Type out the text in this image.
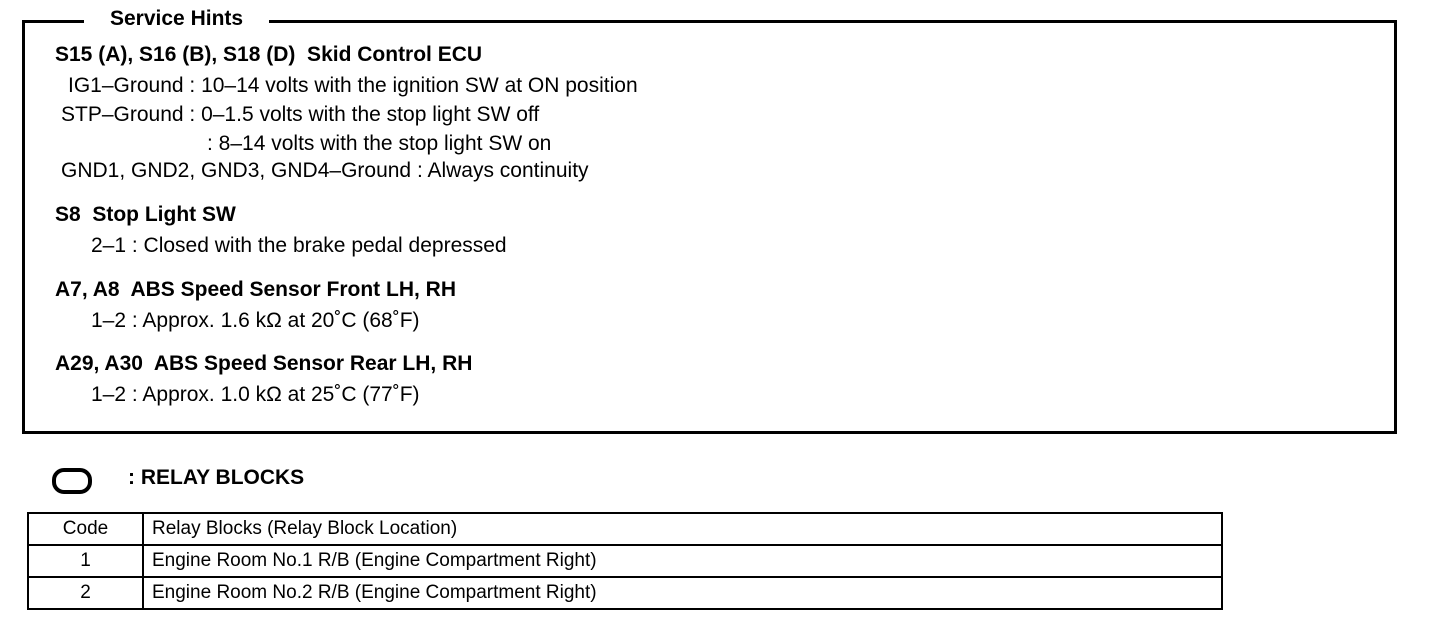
Service Hints
S15 (A), S16 (B), S18 (D)  Skid Control ECU
IG1–Ground : 10–14 volts with the ignition SW at ON position
STP–Ground : 0–1.5 volts with the stop light SW off
: 8–14 volts with the stop light SW on
GND1, GND2, GND3, GND4–Ground : Always continuity
S8  Stop Light SW
2–1 : Closed with the brake pedal depressed
A7, A8  ABS Speed Sensor Front LH, RH
1–2 : Approx. 1.6 kΩ at 20˚C (68˚F)
A29, A30  ABS Speed Sensor Rear LH, RH
1–2 : Approx. 1.0 kΩ at 25˚C (77˚F)
: RELAY BLOCKS
Code	Relay Blocks (Relay Block Location)
1	Engine Room No.1 R/B (Engine Compartment Right)
2	Engine Room No.2 R/B (Engine Compartment Right)
